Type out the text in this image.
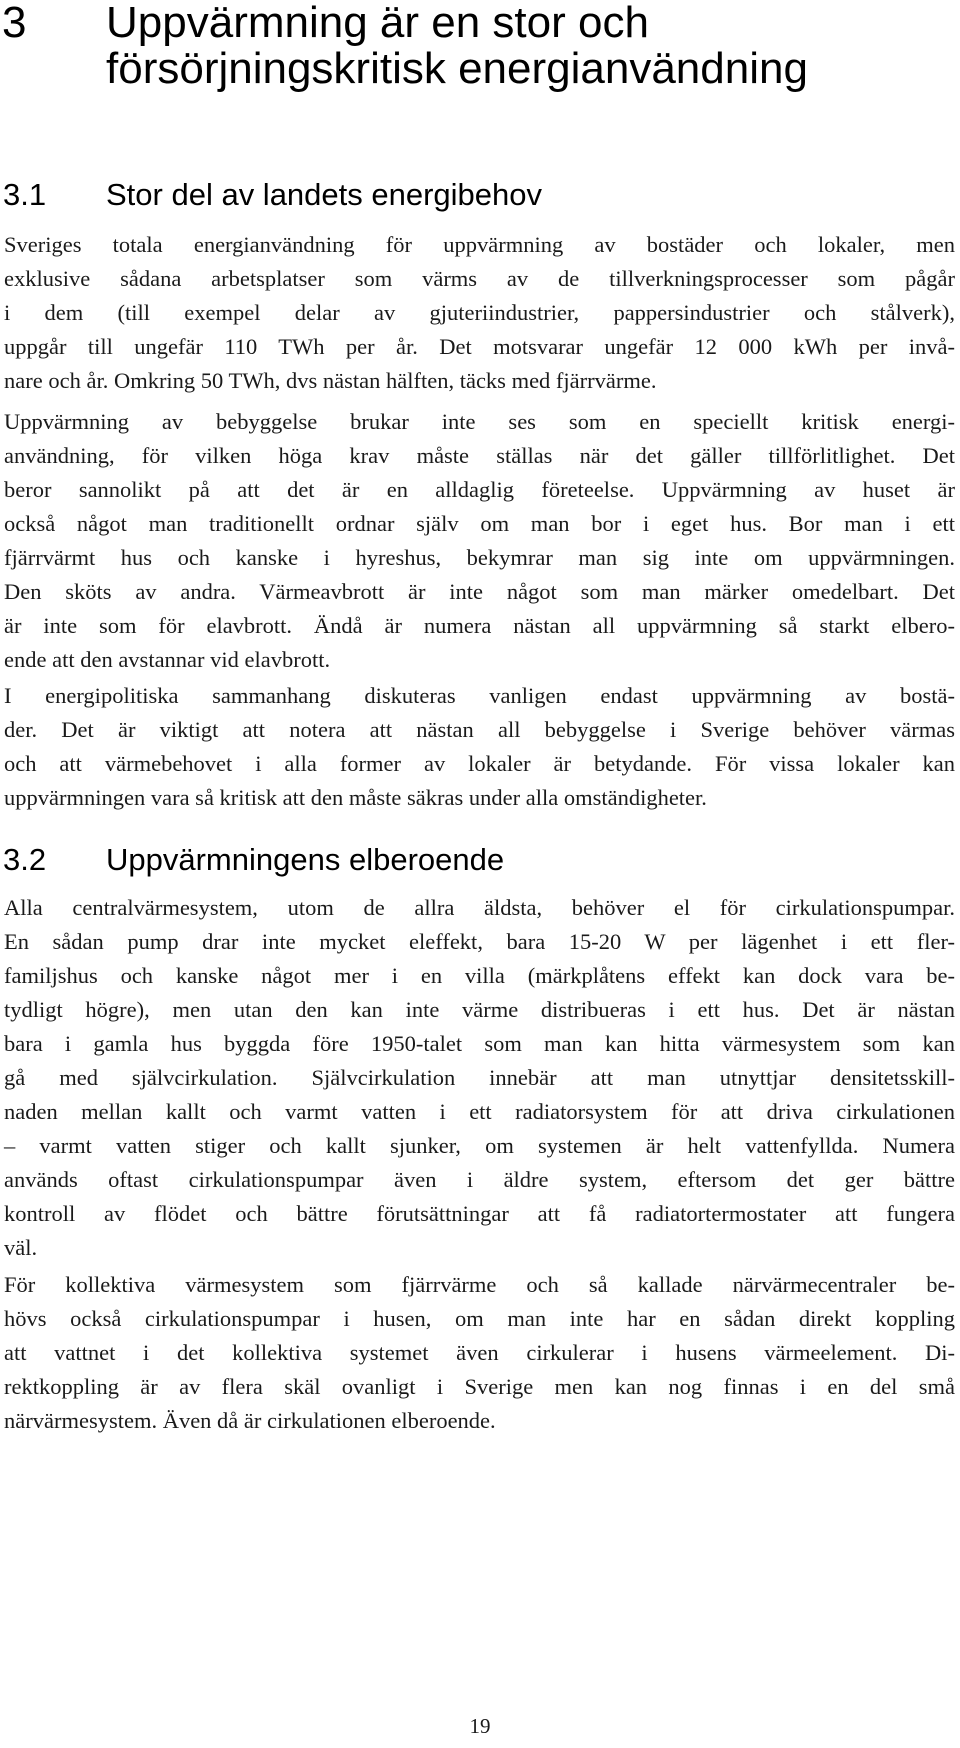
3 Uppvärmning är en stor och
försörjningskritisk energianvändning
3.1 Stor del av landets energibehov
Sveriges totala energianvändning för uppvärmning av bostäder och lokaler, men
exklusive sådana arbetsplatser som värms av de tillverkningsprocesser som pågår
i dem (till exempel delar av gjuteriindustrier, pappersindustrier och stålverk),
uppgår till ungefär 110 TWh per år. Det motsvarar ungefär 12 000 kWh per invå-
nare och år. Omkring 50 TWh, dvs nästan hälften, täcks med fjärrvärme.
Uppvärmning av bebyggelse brukar inte ses som en speciellt kritisk energi-
användning, för vilken höga krav måste ställas när det gäller tillförlitlighet. Det
beror sannolikt på att det är en alldaglig företeelse. Uppvärmning av huset är
också något man traditionellt ordnar själv om man bor i eget hus. Bor man i ett
fjärrvärmt hus och kanske i hyreshus, bekymrar man sig inte om uppvärmningen.
Den sköts av andra. Värmeavbrott är inte något som man märker omedelbart. Det
är inte som för elavbrott. Ändå är numera nästan all uppvärmning så starkt elbero-
ende att den avstannar vid elavbrott.
I energipolitiska sammanhang diskuteras vanligen endast uppvärmning av bostä-
der. Det är viktigt att notera att nästan all bebyggelse i Sverige behöver värmas
och att värmebehovet i alla former av lokaler är betydande. För vissa lokaler kan
uppvärmningen vara så kritisk att den måste säkras under alla omständigheter.
3.2 Uppvärmningens elberoende
Alla centralvärmesystem, utom de allra äldsta, behöver el för cirkulationspumpar.
En sådan pump drar inte mycket eleffekt, bara 15-20 W per lägenhet i ett fler-
familjshus och kanske något mer i en villa (märkplåtens effekt kan dock vara be-
tydligt högre), men utan den kan inte värme distribueras i ett hus. Det är nästan
bara i gamla hus byggda före 1950-talet som man kan hitta värmesystem som kan
gå med självcirkulation. Självcirkulation innebär att man utnyttjar densitetsskill-
naden mellan kallt och varmt vatten i ett radiatorsystem för att driva cirkulationen
– varmt vatten stiger och kallt sjunker, om systemen är helt vattenfyllda. Numera
används oftast cirkulationspumpar även i äldre system, eftersom det ger bättre
kontroll av flödet och bättre förutsättningar att få radiatortermostater att fungera
väl.
För kollektiva värmesystem som fjärrvärme och så kallade närvärmecentraler be-
hövs också cirkulationspumpar i husen, om man inte har en sådan direkt koppling
att vattnet i det kollektiva systemet även cirkulerar i husens värmeelement. Di-
rektkoppling är av flera skäl ovanligt i Sverige men kan nog finnas i en del små
närvärmesystem. Även då är cirkulationen elberoende.
19
